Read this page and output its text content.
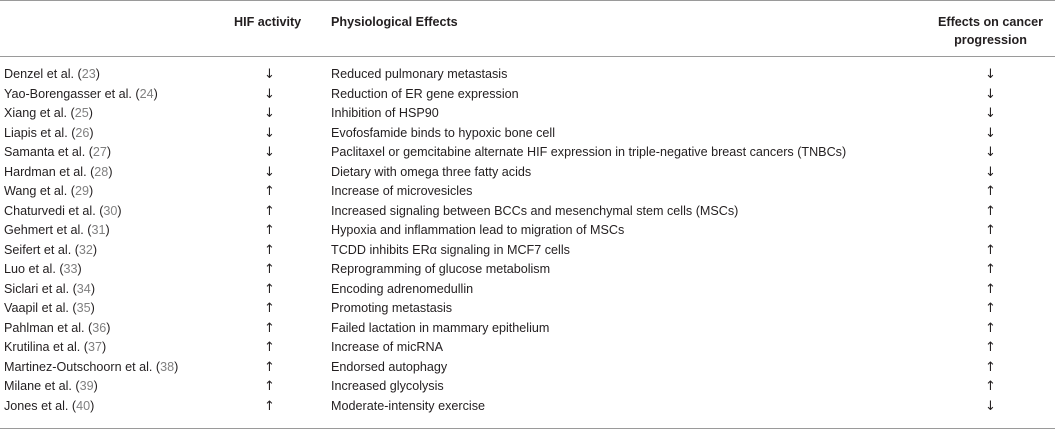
	HIF activity	Physiological Effects	Effects on cancer
progression
Denzel et al. (23)	↓	Reduced pulmonary metastasis	↓
Yao-Borengasser et al. (24)	↓	Reduction of ER gene expression	↓
Xiang et al. (25)	↓	Inhibition of HSP90	↓
Liapis et al. (26)	↓	Evofosfamide binds to hypoxic bone cell	↓
Samanta et al. (27)	↓	Paclitaxel or gemcitabine alternate HIF expression in triple-negative breast cancers (TNBCs)	↓
Hardman et al. (28)	↓	Dietary with omega three fatty acids	↓
Wang et al. (29)	↑	Increase of microvesicles	↑
Chaturvedi et al. (30)	↑	Increased signaling between BCCs and mesenchymal stem cells (MSCs)	↑
Gehmert et al. (31)	↑	Hypoxia and inflammation lead to migration of MSCs	↑
Seifert et al. (32)	↑	TCDD inhibits ERα signaling in MCF7 cells	↑
Luo et al. (33)	↑	Reprogramming of glucose metabolism	↑
Siclari et al. (34)	↑	Encoding adrenomedullin	↑
Vaapil et al. (35)	↑	Promoting metastasis	↑
Pahlman et al. (36)	↑	Failed lactation in mammary epithelium	↑
Krutilina et al. (37)	↑	Increase of micRNA	↑
Martinez-Outschoorn et al. (38)	↑	Endorsed autophagy	↑
Milane et al. (39)	↑	Increased glycolysis	↑
Jones et al. (40)	↑	Moderate-intensity exercise	↓
